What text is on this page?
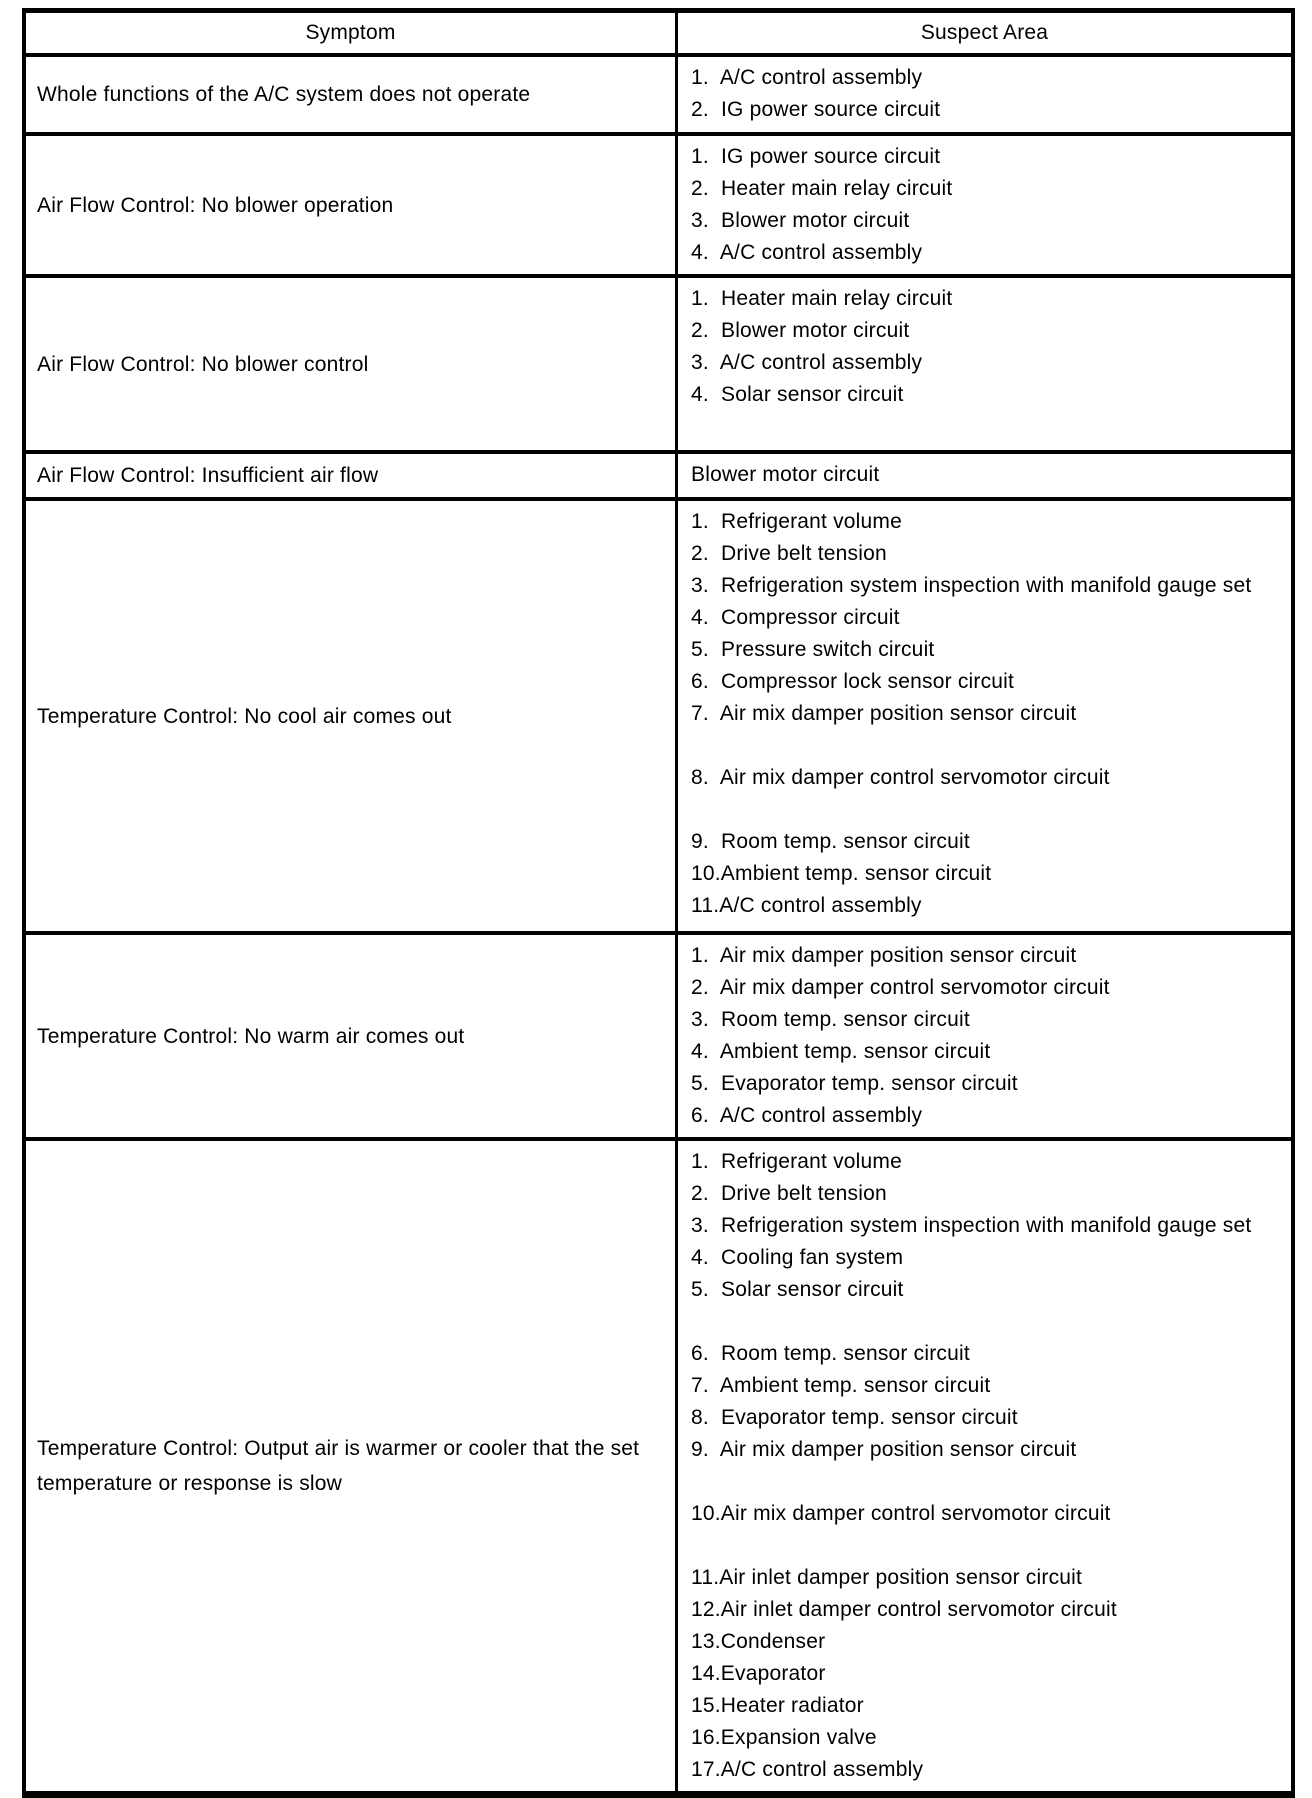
Symptom	Suspect Area
Whole functions of the A/C system does not operate
1.  A/C control assembly
2.  IG power source circuit
Air Flow Control: No blower operation
1.  IG power source circuit
2.  Heater main relay circuit
3.  Blower motor circuit
4.  A/C control assembly
Air Flow Control: No blower control
1.  Heater main relay circuit
2.  Blower motor circuit
3.  A/C control assembly
4.  Solar sensor circuit
Air Flow Control: Insufficient air flow	Blower motor circuit
Temperature Control: No cool air comes out
1.  Refrigerant volume
2.  Drive belt tension
3.  Refrigeration system inspection with manifold gauge set
4.  Compressor circuit
5.  Pressure switch circuit
6.  Compressor lock sensor circuit
7.  Air mix damper position sensor circuit
8.  Air mix damper control servomotor circuit
9.  Room temp. sensor circuit
10.Ambient temp. sensor circuit
11.A/C control assembly
Temperature Control: No warm air comes out
1.  Air mix damper position sensor circuit
2.  Air mix damper control servomotor circuit
3.  Room temp. sensor circuit
4.  Ambient temp. sensor circuit
5.  Evaporator temp. sensor circuit
6.  A/C control assembly
Temperature Control: Output air is warmer or cooler that the set temperature or response is slow
1.  Refrigerant volume
2.  Drive belt tension
3.  Refrigeration system inspection with manifold gauge set
4.  Cooling fan system
5.  Solar sensor circuit
6.  Room temp. sensor circuit
7.  Ambient temp. sensor circuit
8.  Evaporator temp. sensor circuit
9.  Air mix damper position sensor circuit
10.Air mix damper control servomotor circuit
11.Air inlet damper position sensor circuit
12.Air inlet damper control servomotor circuit
13.Condenser
14.Evaporator
15.Heater radiator
16.Expansion valve
17.A/C control assembly
